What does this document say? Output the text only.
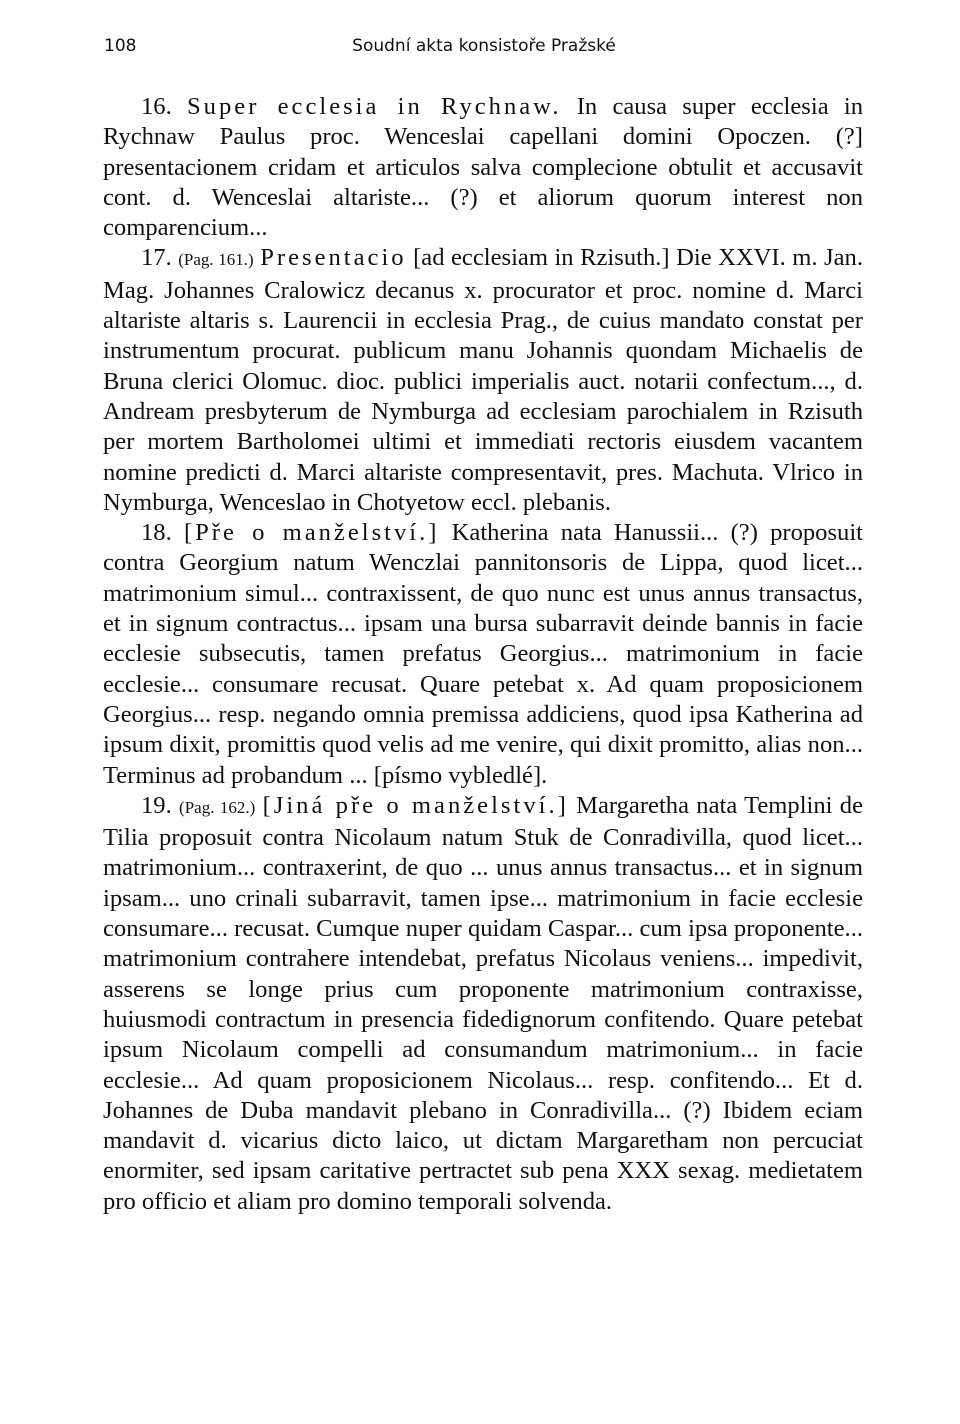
108	Soudní akta konsistoře Pražské

16. Super ecclesia in Rychnaw. In causa super ecclesia in Rychnaw Paulus proc. Wenceslai capellani domini Opoczen. (?] presentacionem cridam et articulos salva complecione obtulit et accusavit cont. d. Wenceslai altariste... (?) et aliorum quorum interest non comparencium...

17. (Pag. 161.) Presentacio [ad ecclesiam in Rzisuth.] Die XXVI. m. Jan. Mag. Johannes Cralowicz decanus x. procurator et proc. nomine d. Marci altariste altaris s. Laurencii in ecclesia Prag., de cuius mandato constat per instrumentum procurat. publicum manu Johannis quondam Michaelis de Bruna clerici Olomuc. dioc. publici imperialis auct. notarii confectum..., d. Andream presbyterum de Nymburga ad ecclesiam parochialem in Rzisuth per mortem Bartholomei ultimi et immediati rectoris eiusdem vacantem nomine predicti d. Marci altariste compresentavit, pres. Machuta. Vlrico in Nymburga, Wenceslao in Chotyetow eccl. plebanis.

18. [Pře o manželství.] Katherina nata Hanussii... (?) proposuit contra Georgium natum Wenczlai pannitonsoris de Lippa, quod licet... matrimonium simul... contraxissent, de quo nunc est unus annus transactus, et in signum contractus... ipsam una bursa subarravit deinde bannis in facie ecclesie subsecutis, tamen prefatus Georgius... matrimonium in facie ecclesie... consumare recusat. Quare petebat x. Ad quam proposicionem Georgius... resp. negando omnia premissa addiciens, quod ipsa Katherina ad ipsum dixit, promittis quod velis ad me venire, qui dixit promitto, alias non... Terminus ad probandum ... [písmo vybledlé].

19. (Pag. 162.) [Jiná pře o manželství.] Margaretha nata Templini de Tilia proposuit contra Nicolaum natum Stuk de Conradivilla, quod licet... matrimonium... contraxerint, de quo ... unus annus transactus... et in signum ipsam... uno crinali subarravit, tamen ipse... matrimonium in facie ecclesie consumare... recusat. Cumque nuper quidam Caspar... cum ipsa proponente... matrimonium contrahere intendebat, prefatus Nicolaus veniens... impedivit, asserens se longe prius cum proponente matrimonium contraxisse, huiusmodi contractum in presencia fidedignorum confitendo. Quare petebat ipsum Nicolaum compelli ad consumandum matrimonium... in facie ecclesie... Ad quam proposicionem Nicolaus... resp. confitendo... Et d. Johannes de Duba mandavit plebano in Conradivilla... (?) Ibidem eciam mandavit d. vicarius dicto laico, ut dictam Margaretham non percuciat enormiter, sed ipsam caritative pertractet sub pena XXX sexag. medietatem pro officio et aliam pro domino temporali solvenda.
